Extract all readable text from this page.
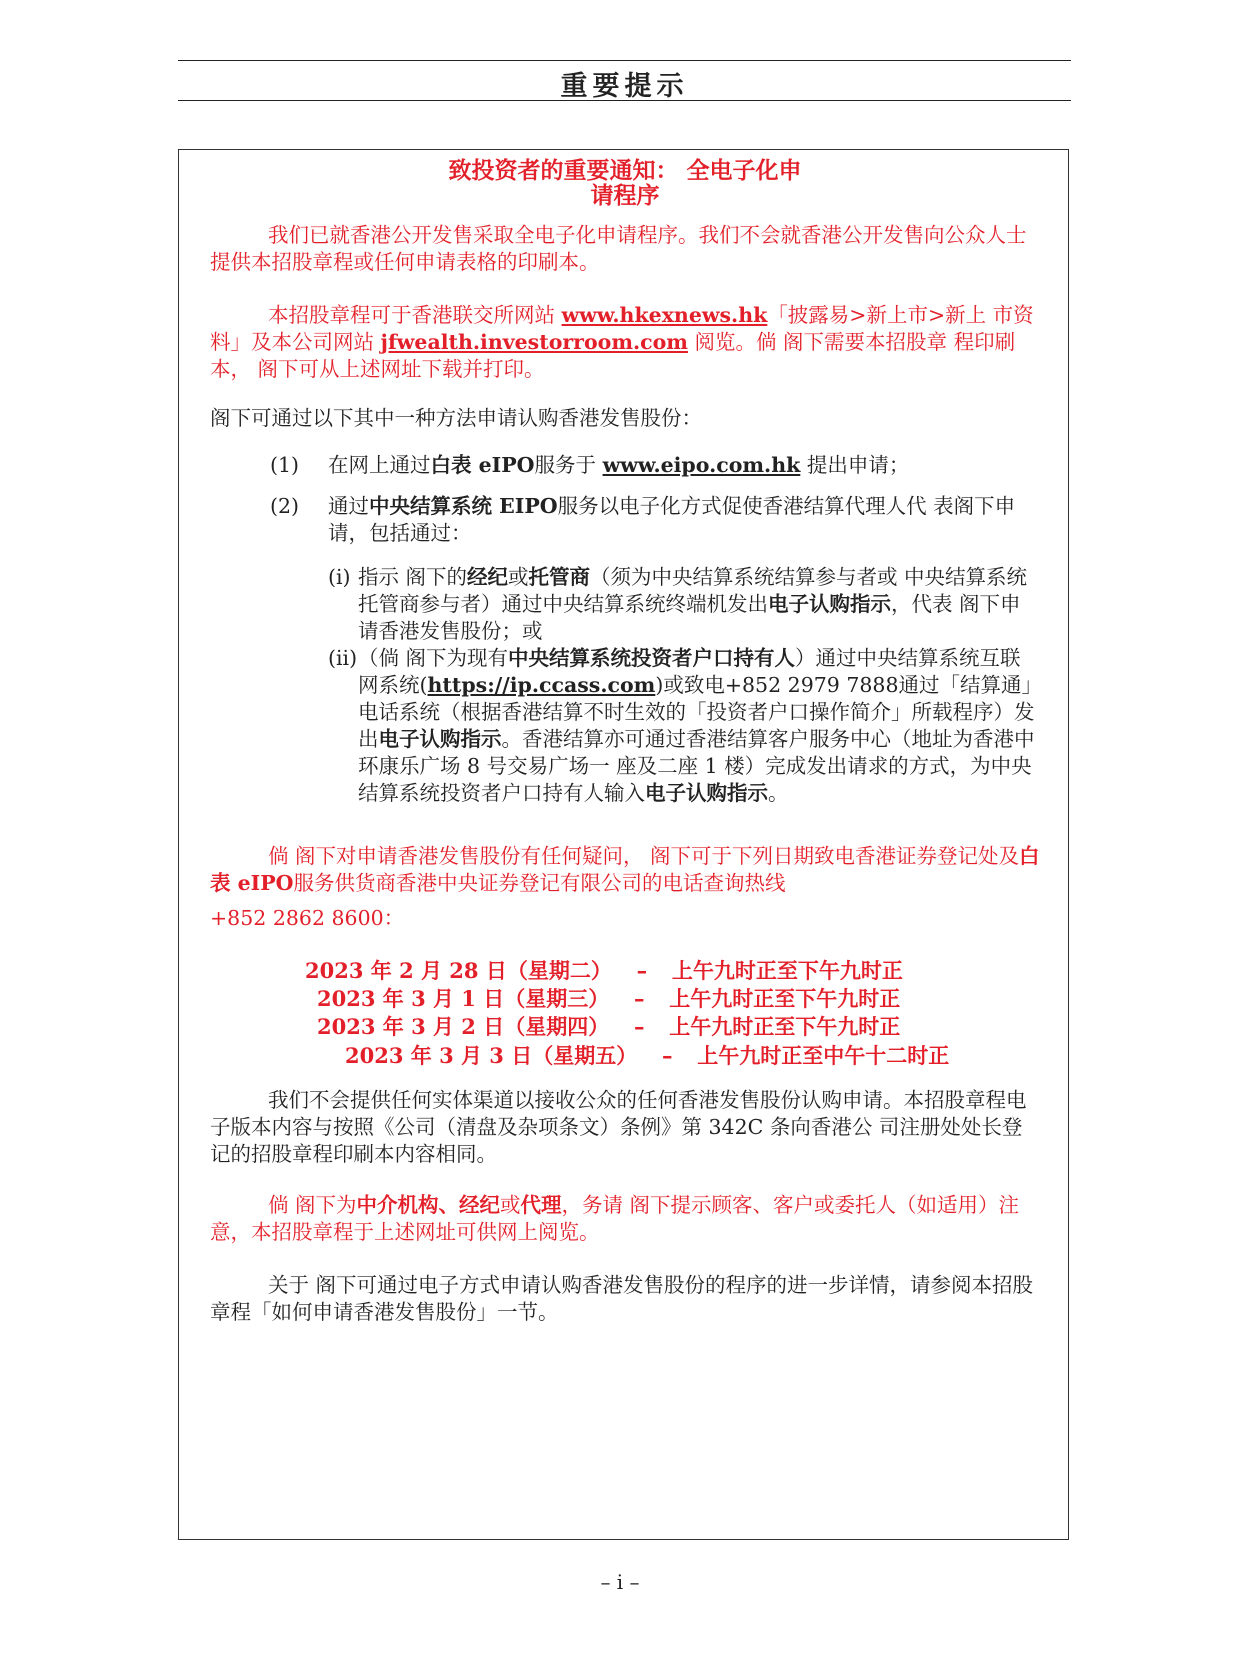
重要提示
致投资者的重要通知： 全电子化申
请程序

我们已就香港公开发售采取全电子化申请程序。我们不会就香港公开发售向公众人士提供本招股章程或任何申请表格的印刷本。

本招股章程可于香港联交所网站 www.hkexnews.hk「披露易>新上市>新上 市资料」及本公司网站 jfwealth.investorroom.com 阅览。倘 阁下需要本招股章 程印刷本， 阁下可从上述网址下载并打印。

阁下可通过以下其中一种方法申请认购香港发售股份：

(1) 在网上通过白表 eIPO服务于 www.eipo.com.hk 提出申请；

(2) 通过中央结算系统 EIPO服务以电子化方式促使香港结算代理人代 表阁下申请，包括通过：

(i) 指示 阁下的经纪或托管商（须为中央结算系统结算参与者或 中央结算系统托管商参与者）通过中央结算系统终端机发出电子认购指示，代表 阁下申请香港发售股份；或

(ii) （倘 阁下为现有中央结算系统投资者户口持有人）通过中央结算系统互联网系统(https://ip.ccass.com)或致电+852 2979 7888通过「结算通」电话系统（根据香港结算不时生效的「投资者户口操作简介」所载程序）发出电子认购指示。香港结算亦可通过香港结算客户服务中心（地址为香港中环康乐广场 8 号交易广场一 座及二座 1 楼）完成发出请求的方式，为中央结算系统投资者户口持有人输入电子认购指示。

倘 阁下对申请香港发售股份有任何疑问， 阁下可于下列日期致电香港证券登记处及白表 eIPO服务供货商香港中央证券登记有限公司的电话查询热线

+852 2862 8600：

2023 年 2 月 28 日（星期二） – 上午九时正至下午九时正
2023 年 3 月 1 日（星期三） – 上午九时正至下午九时正
2023 年 3 月 2 日（星期四） – 上午九时正至下午九时正
2023 年 3 月 3 日（星期五） – 上午九时正至中午十二时正

我们不会提供任何实体渠道以接收公众的任何香港发售股份认购申请。本招股章程电子版本内容与按照《公司（清盘及杂项条文）条例》第 342C 条向香港公 司注册处处长登记的招股章程印刷本内容相同。

倘 阁下为中介机构、经纪或代理，务请 阁下提示顾客、客户或委托人（如适用）注意，本招股章程于上述网址可供网上阅览。

关于 阁下可通过电子方式申请认购香港发售股份的程序的进一步详情，请参阅本招股章程「如何申请香港发售股份」一节。

– i –
